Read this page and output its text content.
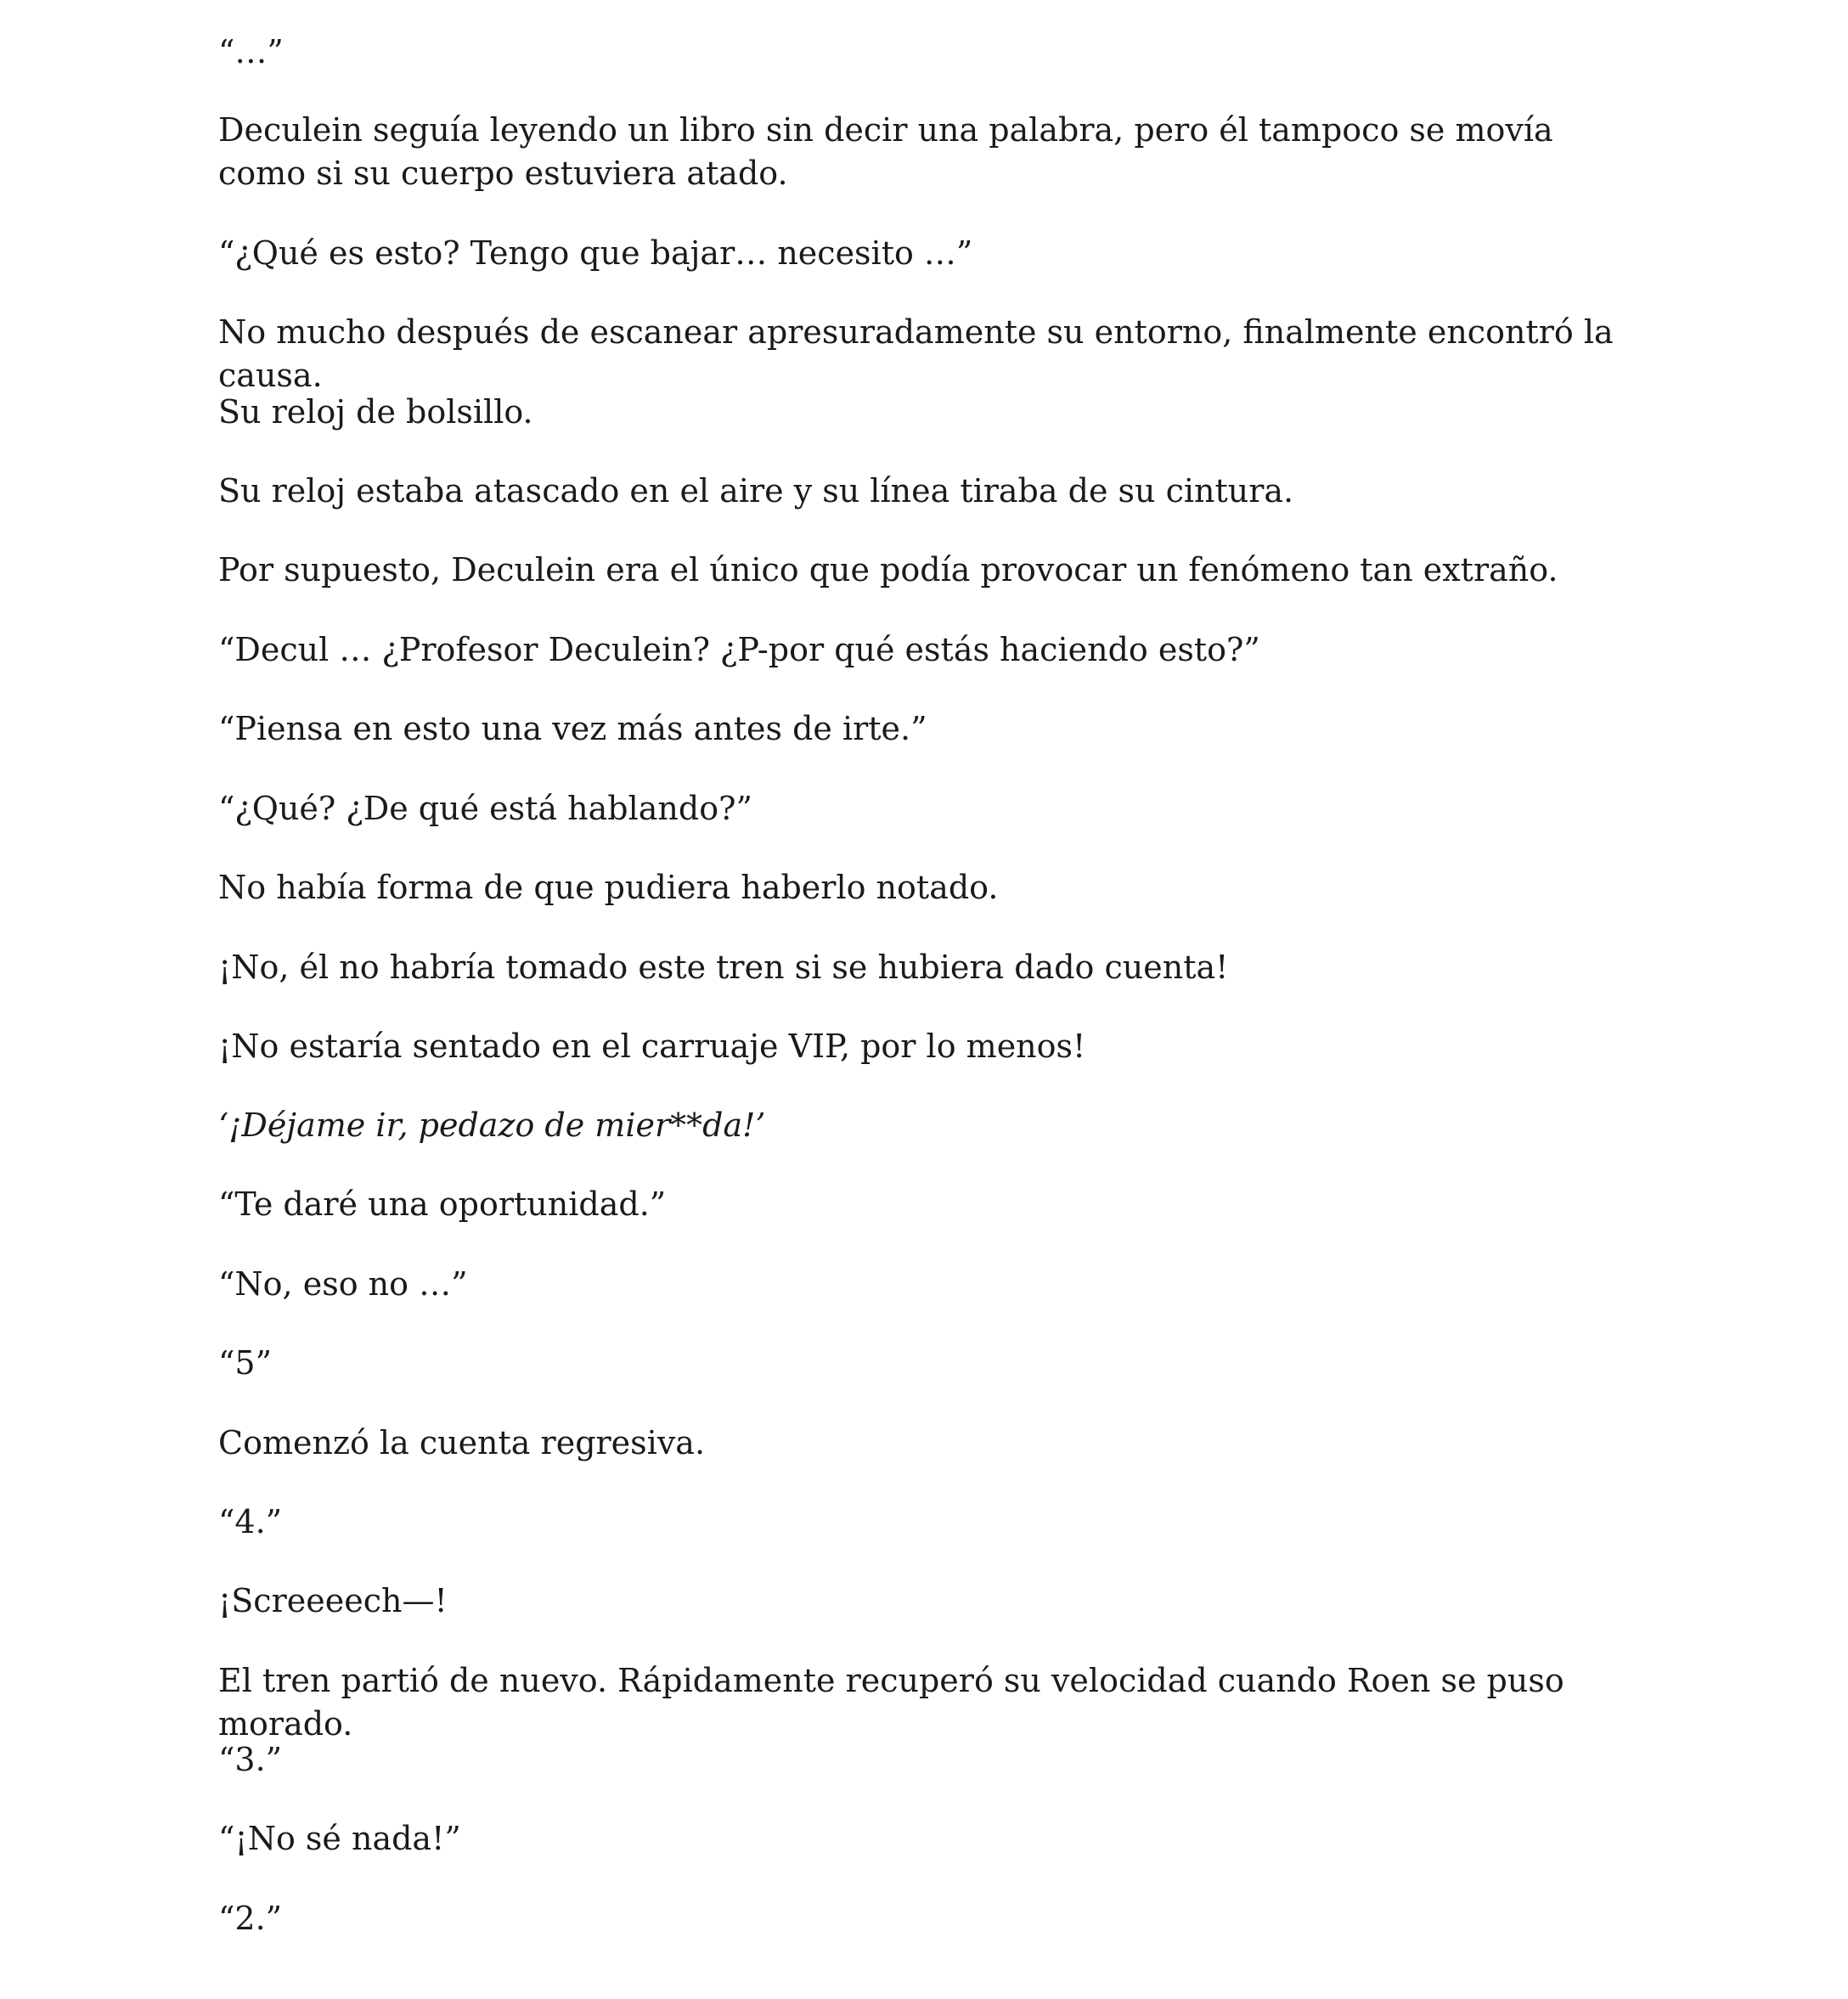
“…”

Deculein seguía leyendo un libro sin decir una palabra, pero él tampoco se movía como si su cuerpo estuviera atado.

“¿Qué es esto? Tengo que bajar… necesito …”

No mucho después de escanear apresuradamente su entorno, finalmente encontró la causa.

Su reloj de bolsillo.

Su reloj estaba atascado en el aire y su línea tiraba de su cintura.

Por supuesto, Deculein era el único que podía provocar un fenómeno tan extraño.

“Decul … ¿Profesor Deculein? ¿P-por qué estás haciendo esto?”

“Piensa en esto una vez más antes de irte.”

“¿Qué? ¿De qué está hablando?”

No había forma de que pudiera haberlo notado.

¡No, él no habría tomado este tren si se hubiera dado cuenta!

¡No estaría sentado en el carruaje VIP, por lo menos!

‘¡Déjame ir, pedazo de mier**da!’

“Te daré una oportunidad.”

“No, eso no …”

“5”

Comenzó la cuenta regresiva.

“4.”

¡Screeeech—!

El tren partió de nuevo. Rápidamente recuperó su velocidad cuando Roen se puso morado.

“3.”

“¡No sé nada!”

“2.”
